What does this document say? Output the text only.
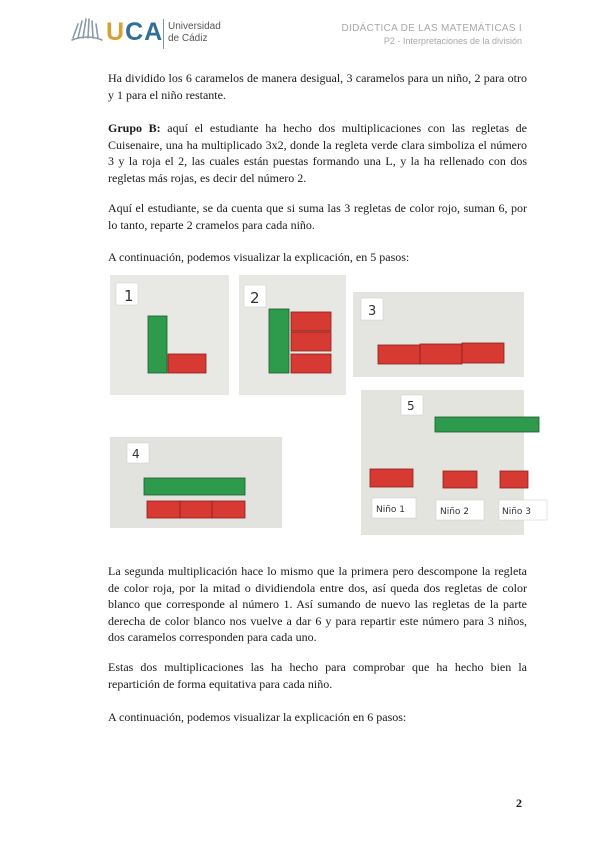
UCA Universidad
de Cádiz
DIDÁCTICA DE LAS MATEMÁTICAS I
P2 - Interpretaciones de la división

Ha dividido los 6 caramelos de manera desigual, 3 caramelos para un niño, 2 para otro y 1 para el niño restante.

Grupo B: aquí el estudiante ha hecho dos multiplicaciones con las regletas de Cuisenaire, una ha multiplicado 3x2, donde la regleta verde clara simboliza el número 3 y la roja el 2, las cuales están puestas formando una L, y la ha rellenado con dos regletas más rojas, es decir del número 2.

Aquí el estudiante, se da cuenta que si suma las 3 regletas de color rojo, suman 6, por lo tanto, reparte 2 cramelos para cada niño.

A continuación, podemos visualizar la explicación, en 5 pasos:

1	2
3
5
Niño 1	Niño 2	Niño 3
4

La segunda multiplicación hace lo mismo que la primera pero descompone la regleta de color roja, por la mitad o dividiendola entre dos, así queda dos regletas de color blanco que corresponde al número 1. Así sumando de nuevo las regletas de la parte derecha de color blanco nos vuelve a dar 6 y para repartir este número para 3 niños, dos caramelos corresponden para cada uno.

Estas dos multiplicaciones las ha hecho para comprobar que ha hecho bien la repartición de forma equitativa para cada niño.

A continuación, podemos visualizar la explicación en 6 pasos:

2
